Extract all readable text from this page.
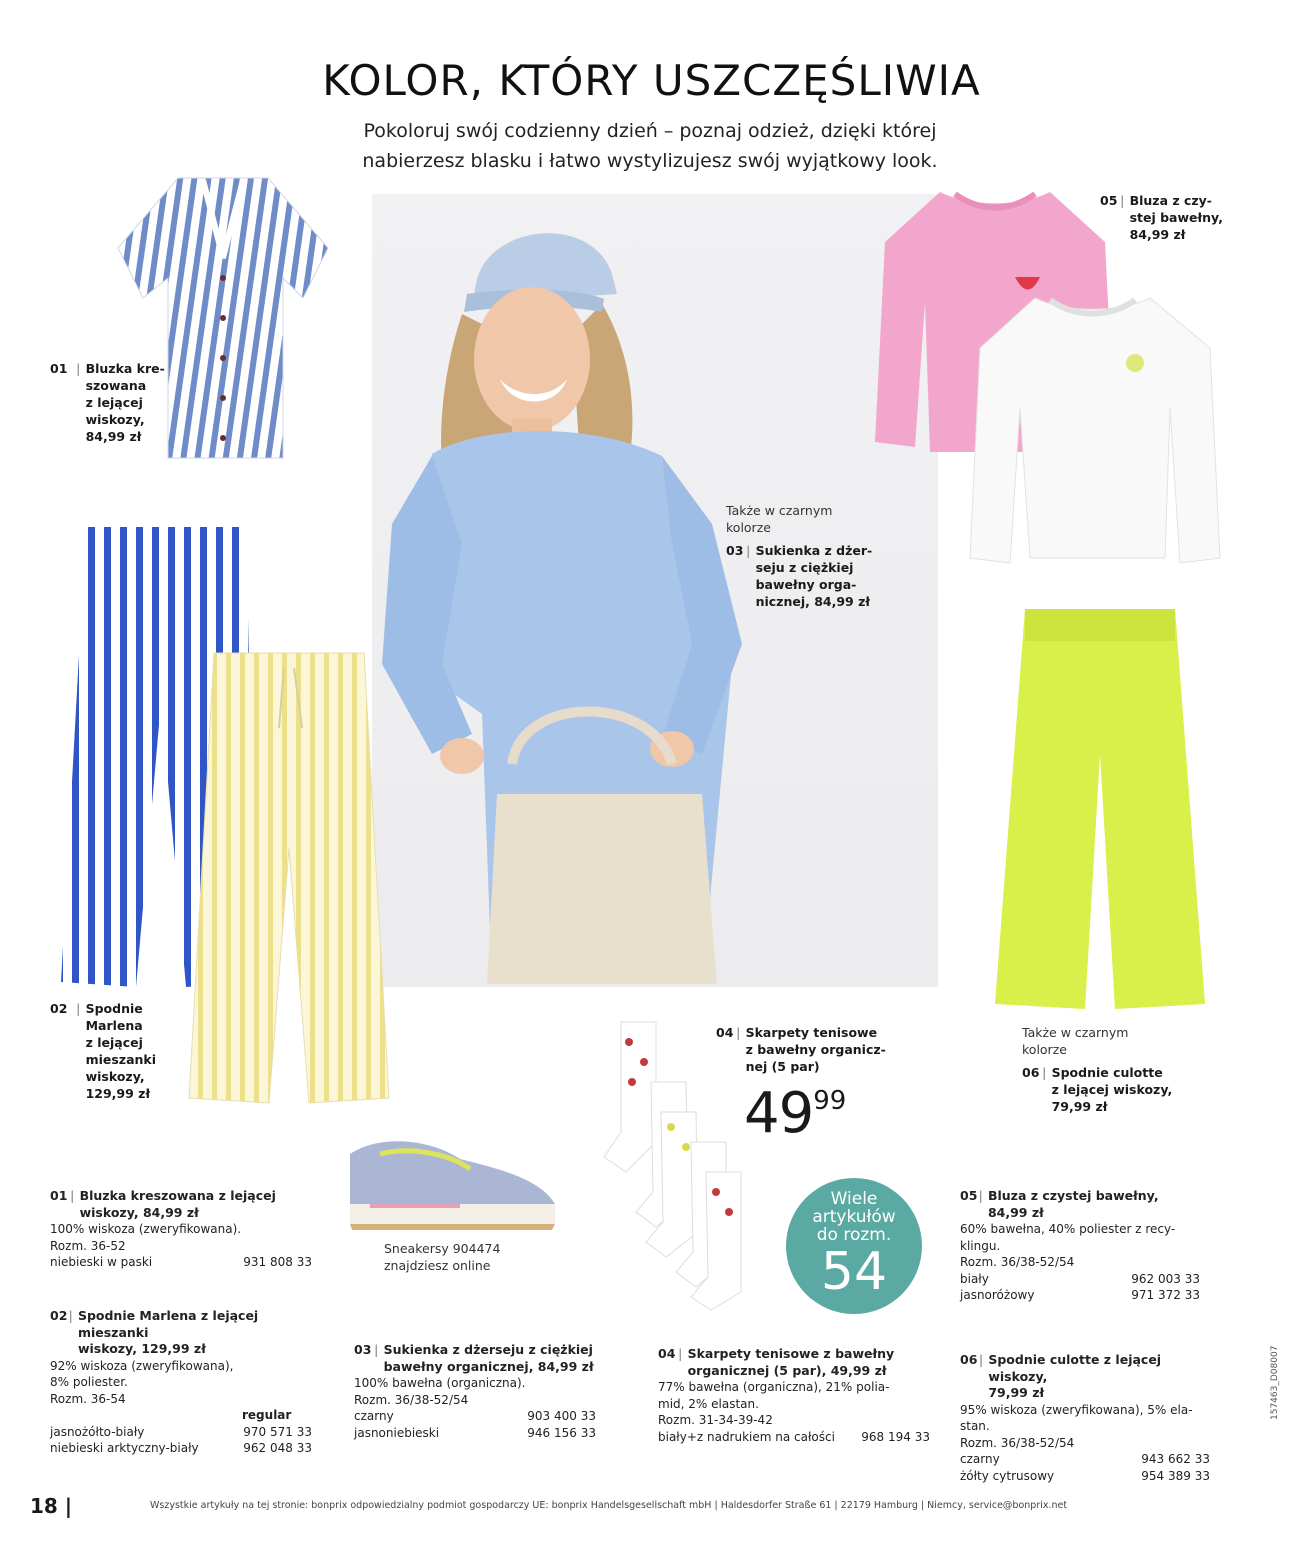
KOLOR, KTÓRY USZCZĘŚLIWIA
Pokoloruj swój codzienny dzień – poznaj odzież, dzięki której
nabierzesz blasku i łatwo wystylizujesz swój wyjątkowy look.
01 | Bluzka kre-
szowana
z lejącej
wiskozy,
84,99 zł
02 | Spodnie
Marlena
z lejącej
mieszanki
wiskozy,
129,99 zł
Także w czarnym
kolorze
03 | Sukienka z dżer-
seju z ciężkiej
bawełny orga-
nicznej, 84,99 zł
05 | Bluza z czy-
stej bawełny,
84,99 zł
Także w czarnym
kolorze
06 | Spodnie culotte
z lejącej wiskozy,
79,99 zł
04 | Skarpety tenisowe
z bawełny organicz-
nej (5 par)
$49^{99}$
Sneakersy 904474
znajdziesz online
Wiele
artykułów
do rozm.
54
01 | Bluzka kreszowana z lejącej
wiskozy, 84,99 zł
100% wiskoza (zweryfikowana).
Rozm. 36-52
niebieski w paski	931 808 33
02 | Spodnie Marlena z lejącej mieszanki
wiskozy, 129,99 zł
92% wiskoza (zweryfikowana),
8% poliester.
Rozm. 36-54
regular
jasnożółto-biały	970 571 33
niebieski arktyczny-biały	962 048 33
03 | Sukienka z dżerseju z ciężkiej
bawełny organicznej, 84,99 zł
100% bawełna (organiczna).
Rozm. 36/38-52/54
czarny	903 400 33
jasnoniebieski	946 156 33
04 | Skarpety tenisowe z bawełny
organicznej (5 par), 49,99 zł
77% bawełna (organiczna), 21% polia-
mid, 2% elastan.
Rozm. 31-34-39-42
biały+z nadrukiem na całości 968 194 33
05 | Bluza z czystej bawełny, 84,99 zł
60% bawełna, 40% poliester z recy-
klingu.
Rozm. 36/38-52/54
biały	962 003 33
jasnoróżowy	971 372 33
06 | Spodnie culotte z lejącej wiskozy,
79,99 zł
95% wiskoza (zweryfikowana), 5% ela-
stan.
Rozm. 36/38-52/54
czarny	943 662 33
żółty cytrusowy	954 389 33
18 |	Wszystkie artykuły na tej stronie: bonprix odpowiedzialny podmiot gospodarczy UE: bonprix Handelsgesellschaft mbH | Haldesdorfer Straße 61 | 22179 Hamburg | Niemcy, service@bonprix.net
157463_D08007
